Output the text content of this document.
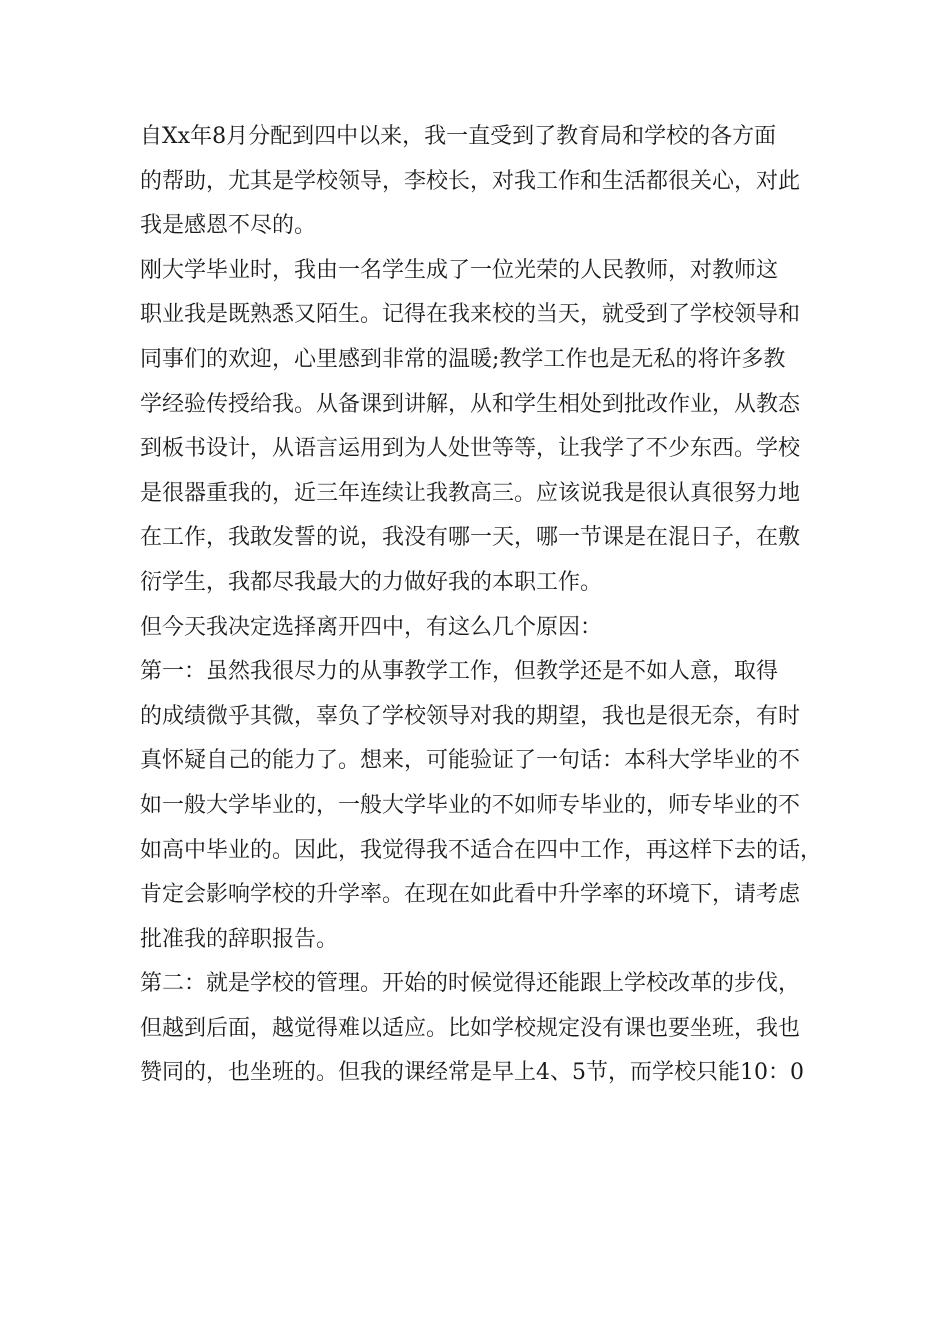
自Xx年8月分配到四中以来，我一直受到了教育局和学校的各方面
的帮助，尤其是学校领导，李校长，对我工作和生活都很关心，对此
我是感恩不尽的。
刚大学毕业时，我由一名学生成了一位光荣的人民教师，对教师这
职业我是既熟悉又陌生。记得在我来校的当天，就受到了学校领导和
同事们的欢迎，心里感到非常的温暖;教学工作也是无私的将许多教
学经验传授给我。从备课到讲解，从和学生相处到批改作业，从教态
到板书设计，从语言运用到为人处世等等，让我学了不少东西。学校
是很器重我的，近三年连续让我教高三。应该说我是很认真很努力地
在工作，我敢发誓的说，我没有哪一天，哪一节课是在混日子，在敷
衍学生，我都尽我最大的力做好我的本职工作。
但今天我决定选择离开四中，有这么几个原因：
第一：虽然我很尽力的从事教学工作，但教学还是不如人意，取得
的成绩微乎其微，辜负了学校领导对我的期望，我也是很无奈，有时
真怀疑自己的能力了。想来，可能验证了一句话：本科大学毕业的不
如一般大学毕业的，一般大学毕业的不如师专毕业的，师专毕业的不
如高中毕业的。因此，我觉得我不适合在四中工作，再这样下去的话，
肯定会影响学校的升学率。在现在如此看中升学率的环境下，请考虑
批准我的辞职报告。
第二：就是学校的管理。开始的时候觉得还能跟上学校改革的步伐，
但越到后面，越觉得难以适应。比如学校规定没有课也要坐班，我也
赞同的，也坐班的。但我的课经常是早上4、5节，而学校只能10：0
